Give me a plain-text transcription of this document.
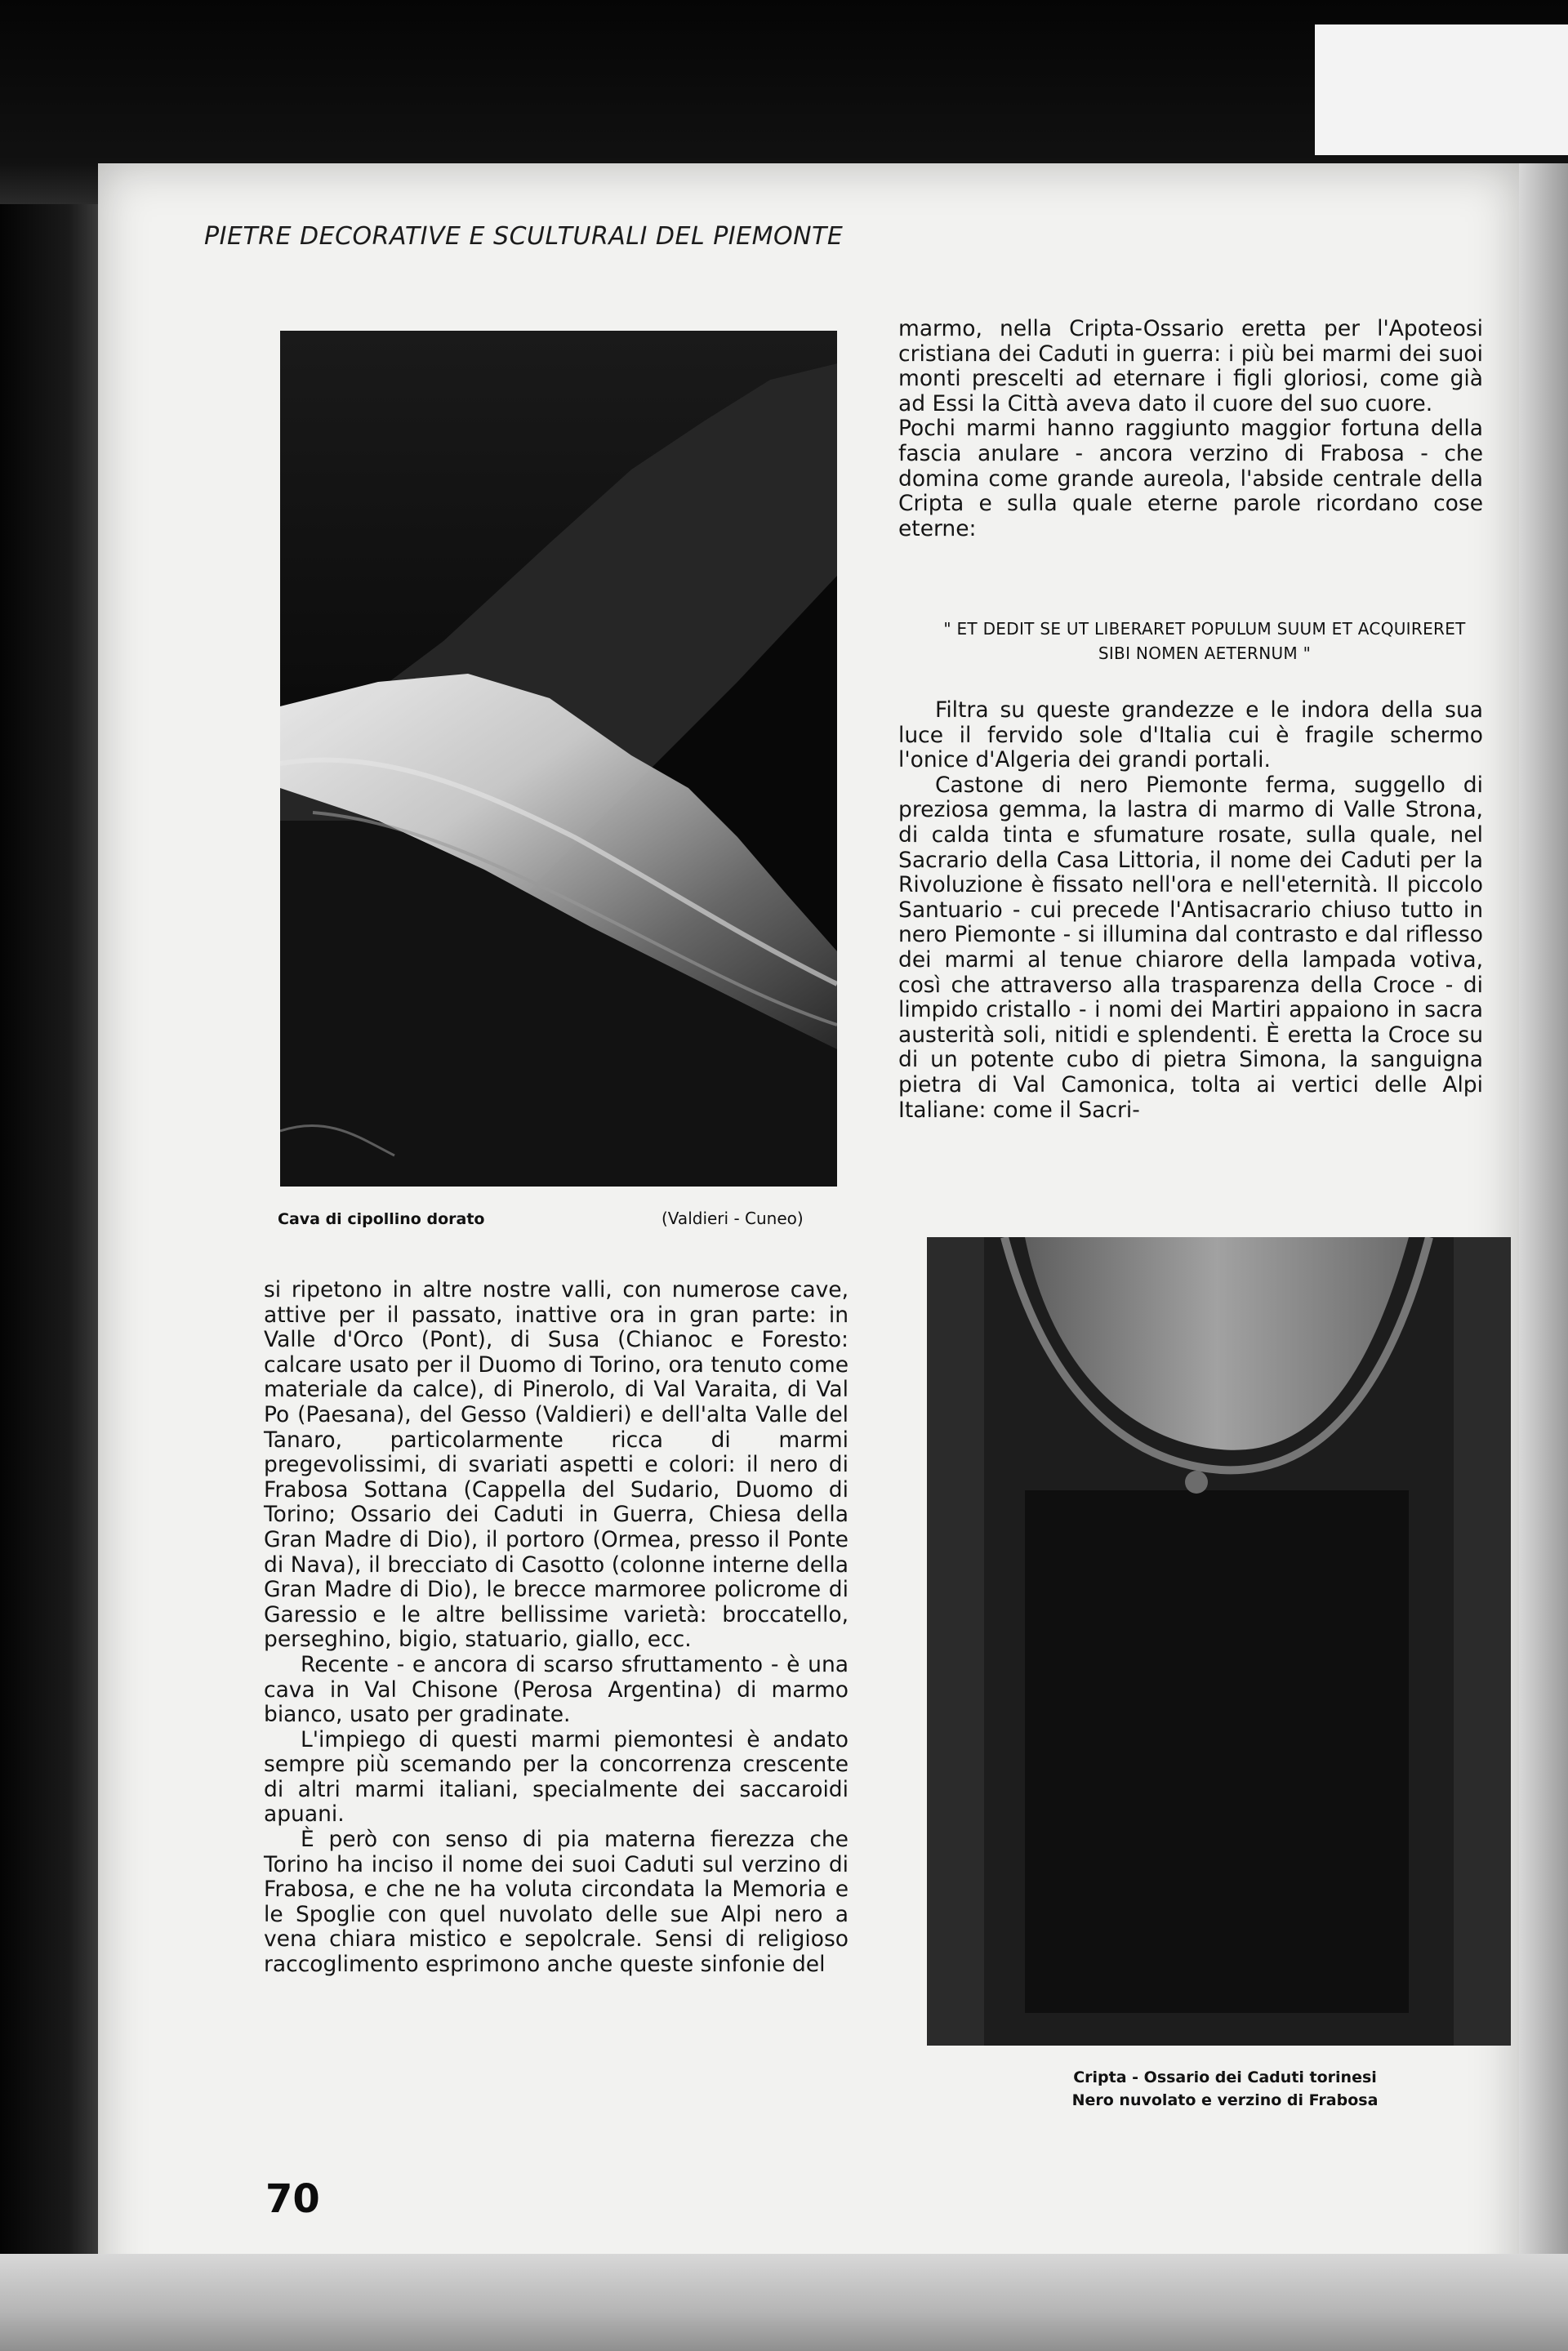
PIETRE DECORATIVE E SCULTURALI DEL PIEMONTE
Cava di cipollino dorato	(Valdieri - Cuneo)

marmo, nella Cripta-Ossario eretta per l'Apoteosi cristiana dei Caduti in guerra: i più bei marmi dei suoi monti prescelti ad eternare i figli gloriosi, come già ad Essi la Città aveva dato il cuore del suo cuore.

Pochi marmi hanno raggiunto maggior fortuna della fascia anulare - ancora verzino di Frabosa - che domina come grande aureola, l'abside centrale della Cripta e sulla quale eterne parole ricordano cose eterne:

" ET DEDIT SE UT LIBERARET POPULUM SUUM ET ACQUIRERET
SIBI NOMEN AETERNUM "

Filtra su queste grandezze e le indora della sua luce il fervido sole d'Italia cui è fragile schermo l'onice d'Algeria dei grandi portali.

Castone di nero Piemonte ferma, suggello di preziosa gemma, la lastra di marmo di Valle Strona, di calda tinta e sfumature rosate, sulla quale, nel Sacrario della Casa Littoria, il nome dei Caduti per la Rivoluzione è fissato nell'ora e nell'eternità. Il piccolo Santuario - cui precede l'Antisacrario chiuso tutto in nero Piemonte - si illumina dal contrasto e dal riflesso dei marmi al tenue chiarore della lampada votiva, così che attraverso alla trasparenza della Croce - di limpido cristallo - i nomi dei Martiri appaiono in sacra austerità soli, nitidi e splendenti. È eretta la Croce su di un potente cubo di pietra Simona, la sanguigna pietra di Val Camonica, tolta ai vertici delle Alpi Italiane: come il Sacri-

si ripetono in altre nostre valli, con numerose cave, attive per il passato, inattive ora in gran parte: in Valle d'Orco (Pont), di Susa (Chianoc e Foresto: calcare usato per il Duomo di Torino, ora tenuto come materiale da calce), di Pinerolo, di Val Varaita, di Val Po (Paesana), del Gesso (Valdieri) e dell'alta Valle del Tanaro, particolarmente ricca di marmi pregevolissimi, di svariati aspetti e colori: il nero di Frabosa Sottana (Cappella del Sudario, Duomo di Torino; Ossario dei Caduti in Guerra, Chiesa della Gran Madre di Dio), il portoro (Ormea, presso il Ponte di Nava), il brecciato di Casotto (colonne interne della Gran Madre di Dio), le brecce marmoree policrome di Garessio e le altre bellissime varietà: broccatello, perseghino, bigio, statuario, giallo, ecc.

Recente - e ancora di scarso sfruttamento - è una cava in Val Chisone (Perosa Argentina) di marmo bianco, usato per gradinate.

L'impiego di questi marmi piemontesi è andato sempre più scemando per la concorrenza crescente di altri marmi italiani, specialmente dei saccaroidi apuani.

È però con senso di pia materna fierezza che Torino ha inciso il nome dei suoi Caduti sul verzino di Frabosa, e che ne ha voluta circondata la Memoria e le Spoglie con quel nuvolato delle sue Alpi nero a vena chiara mistico e sepolcrale. Sensi di religioso raccoglimento esprimono anche queste sinfonie del

Cripta - Ossario dei Caduti torinesi
Nero nuvolato e verzino di Frabosa
70
